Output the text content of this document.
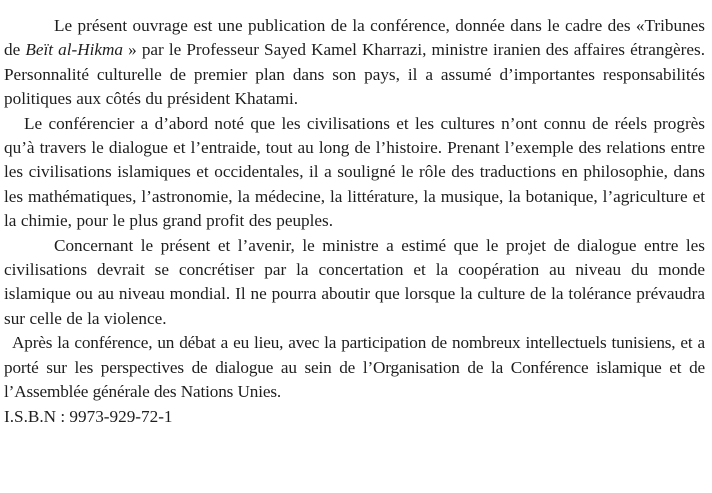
Le présent ouvrage est une publication de la conférence, donnée dans le cadre des «Tribunes de Beït al-Hikma » par le Professeur Sayed Kamel Kharrazi, ministre iranien des affaires étrangères. Personnalité culturelle de premier plan dans son pays, il a assumé d’importantes responsabilités politiques aux côtés du président Khatami.

Le conférencier a d’abord noté que les civilisations et les cultures n’ont connu de réels progrès qu’à travers le dialogue et l’entraide, tout au long de l’histoire. Prenant l’exemple des relations entre les civilisations islamiques et occidentales, il a souligné le rôle des traductions en philosophie, dans les mathématiques, l’astronomie, la médecine, la littérature, la musique, la botanique, l’agriculture et la chimie, pour le plus grand profit des peuples.

Concernant le présent et l’avenir, le ministre a estimé que le projet de dialogue entre les civilisations devrait se concrétiser par la concertation et la coopération au niveau du monde islamique ou au niveau mondial. Il ne pourra aboutir que lorsque la culture de la tolérance prévaudra sur celle de la violence.

Après la conférence, un débat a eu lieu, avec la participation de nombreux intellectuels tunisiens, et a porté sur les perspectives de dialogue au sein de l’Organisation de la Conférence islamique et de l’Assemblée générale des Nations Unies.

I.S.B.N : 9973-929-72-1
